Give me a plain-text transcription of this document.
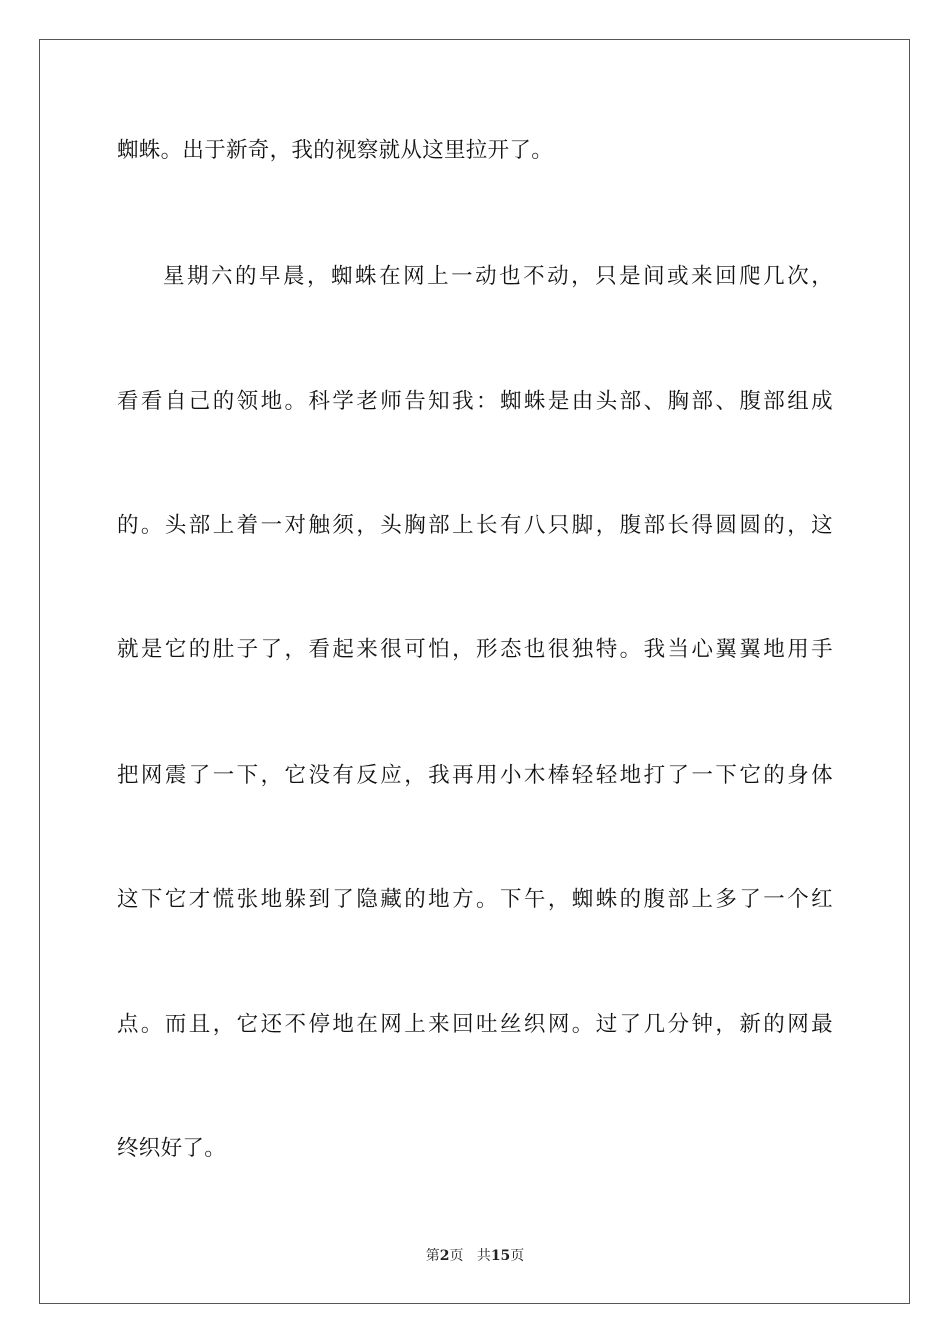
蜘蛛。出于新奇，我的视察就从这里拉开了。
星期六的早晨，蜘蛛在网上一动也不动，只是间或来回爬几次，
看看自己的领地。科学老师告知我：蜘蛛是由头部、胸部、腹部组成
的。头部上着一对触须，头胸部上长有八只脚，腹部长得圆圆的，这
就是它的肚子了，看起来很可怕，形态也很独特。我当心翼翼地用手
把网震了一下，它没有反应，我再用小木棒轻轻地打了一下它的身体
这下它才慌张地躲到了隐藏的地方。下午，蜘蛛的腹部上多了一个红
点。而且，它还不停地在网上来回吐丝织网。过了几分钟，新的网最
终织好了。
第2页 共15页
